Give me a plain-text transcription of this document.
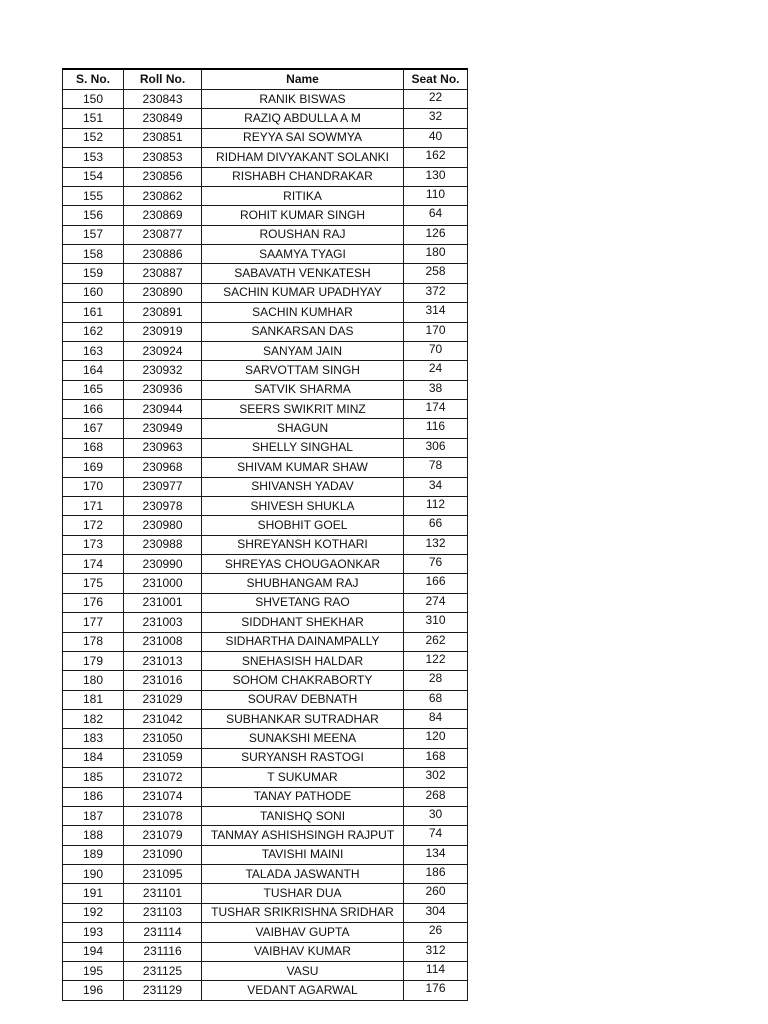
S. No.	Roll No.	Name	Seat No.
150	230843	RANIK BISWAS	22
151	230849	RAZIQ ABDULLA A M	32
152	230851	REYYA SAI SOWMYA	40
153	230853	RIDHAM DIVYAKANT SOLANKI	162
154	230856	RISHABH CHANDRAKAR	130
155	230862	RITIKA	110
156	230869	ROHIT KUMAR SINGH	64
157	230877	ROUSHAN RAJ	126
158	230886	SAAMYA TYAGI	180
159	230887	SABAVATH VENKATESH	258
160	230890	SACHIN KUMAR UPADHYAY	372
161	230891	SACHIN KUMHAR	314
162	230919	SANKARSAN DAS	170
163	230924	SANYAM JAIN	70
164	230932	SARVOTTAM SINGH	24
165	230936	SATVIK SHARMA	38
166	230944	SEERS SWIKRIT MINZ	174
167	230949	SHAGUN	116
168	230963	SHELLY SINGHAL	306
169	230968	SHIVAM KUMAR SHAW	78
170	230977	SHIVANSH YADAV	34
171	230978	SHIVESH SHUKLA	112
172	230980	SHOBHIT GOEL	66
173	230988	SHREYANSH KOTHARI	132
174	230990	SHREYAS CHOUGAONKAR	76
175	231000	SHUBHANGAM RAJ	166
176	231001	SHVETANG RAO	274
177	231003	SIDDHANT SHEKHAR	310
178	231008	SIDHARTHA DAINAMPALLY	262
179	231013	SNEHASISH HALDAR	122
180	231016	SOHOM CHAKRABORTY	28
181	231029	SOURAV DEBNATH	68
182	231042	SUBHANKAR SUTRADHAR	84
183	231050	SUNAKSHI MEENA	120
184	231059	SURYANSH RASTOGI	168
185	231072	T SUKUMAR	302
186	231074	TANAY PATHODE	268
187	231078	TANISHQ SONI	30
188	231079	TANMAY ASHISHSINGH RAJPUT	74
189	231090	TAVISHI MAINI	134
190	231095	TALADA JASWANTH	186
191	231101	TUSHAR DUA	260
192	231103	TUSHAR SRIKRISHNA SRIDHAR	304
193	231114	VAIBHAV GUPTA	26
194	231116	VAIBHAV KUMAR	312
195	231125	VASU	114
196	231129	VEDANT AGARWAL	176
